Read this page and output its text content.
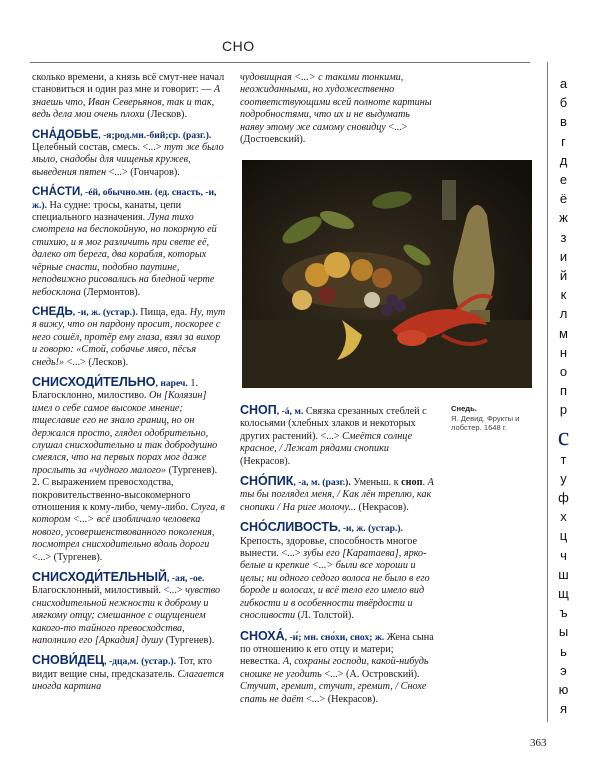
СНО
сколько времени, а князь всё смут-нее начал становиться и один раз мне и говорит: — А знаешь что, Иван Северьянов, так и так, ведь дела мои очень плохи (Лесков).
СНА́ДОБЬЕ, -я;род.мн.-бий;ср. (разг.). Целебный состав, смесь. <...> тут же было мыло, снадобы для чищенья кружев, выведения пятен <...> (Гончаров).
СНА́СТИ, -éй, обычно.мн. (ед. снасть, -и, ж.). На судне: тросы, канаты, цепи специального назначения. Луна тихо смотрела на беспокойную, но покорную ей стихию, и я мог различить при свете её, далеко от берега, два корабля, которых чёрные снасти, подобно паутине, неподвижно рисовались на бледной черте небосклона (Лермонтов).
СНЕДЬ, -и, ж. (устар.). Пища, еда. Ну, тут я вижу, что он пардону просит, поскорее с него сошёл, протёр ему глаза, взял за вихор и говорю: «Стой, собачье мясо, пёсья снедь!» <...> (Лесков).
СНИСХОДИ́ТЕЛЬНО, нареч. 1. Благосклонно, милостиво. Он [Колязин] имел о себе самое высокое мнение; тщеславие его не знало границ, но он держался просто, глядел одобрительно, слушал снисходительно и так добродушно смеялся, что на первых порах мог даже прослыть за «чудного малого» (Тургенев). 2. С выражением превосходства, покровительственно-высокомерного отношения к кому-либо, чему-либо. Слуга, в котором <...> всё изобличало человека нового, усовершенствованного поколения, посмотрел снисходительно вдоль дороги <...> (Тургенев).
СНИСХОДИ́ТЕЛЬНЫЙ, -ая, -ое. Благосклонный, милостивый. <...> чувство снисходительной нежности к доброму и мягкому отцу; смешанное с ощущением какого-то тайного превосходства, наполнило его [Аркадия] душу (Тургенев).
СНОВИ́ДЕЦ, -дца,м. (устар.). Тот, кто видит вещие сны, предсказатель. Слагается иногда картина
чудовищная <...> с такими тонкими, неожиданными, но художественно соответствующими всей полноте картины подробностями, что их и не выдумать наяву этому же самому сновидцу <...> (Достоевский).
Снедь.
Я. Девид. Фрукты и лобстер. 1648 г.
СНОП, -á, м. Связка срезанных стеблей с колосьями (хлебных злаков и некоторых других растений). <...> Смеётся солнце красное, / Лежат рядами снопики (Некрасов).
СНО́ПИК, -а, м. (разг.). Уменьш. к сноп. А ты бы поглядел меня, / Как лён треплю, как снопики / На риге молочу... (Некрасов).
СНО́СЛИВОСТЬ, -и, ж. (устар.). Крепость, здоровье, способность многое вынести. <...> зубы его [Каратаева], ярко-белые и крепкие <...> были все хороши и целы; ни одного седого волоса не было в его бороде и волосах, и всё тело его имело вид гибкости и в особенности твёрдости и сносливости (Л. Толстой).
СНОХА́, -и́; мн. сно́хи, снох; ж. Жена сына по отношению к его отцу и матери; невестка. А, сохраны господи, какой-нибудь сношке не угодить <...> (А. Островский). Стучит, гремит, стучит, гремит, / Снохе спать не даёт <...> (Некрасов).
а
б
в
г
д
е
ё
ж
з
и
й
к
л
м
н
о
п
р
с
т
у
ф
х
ц
ч
ш
щ
ъ
ы
ь
э
ю
я
363
